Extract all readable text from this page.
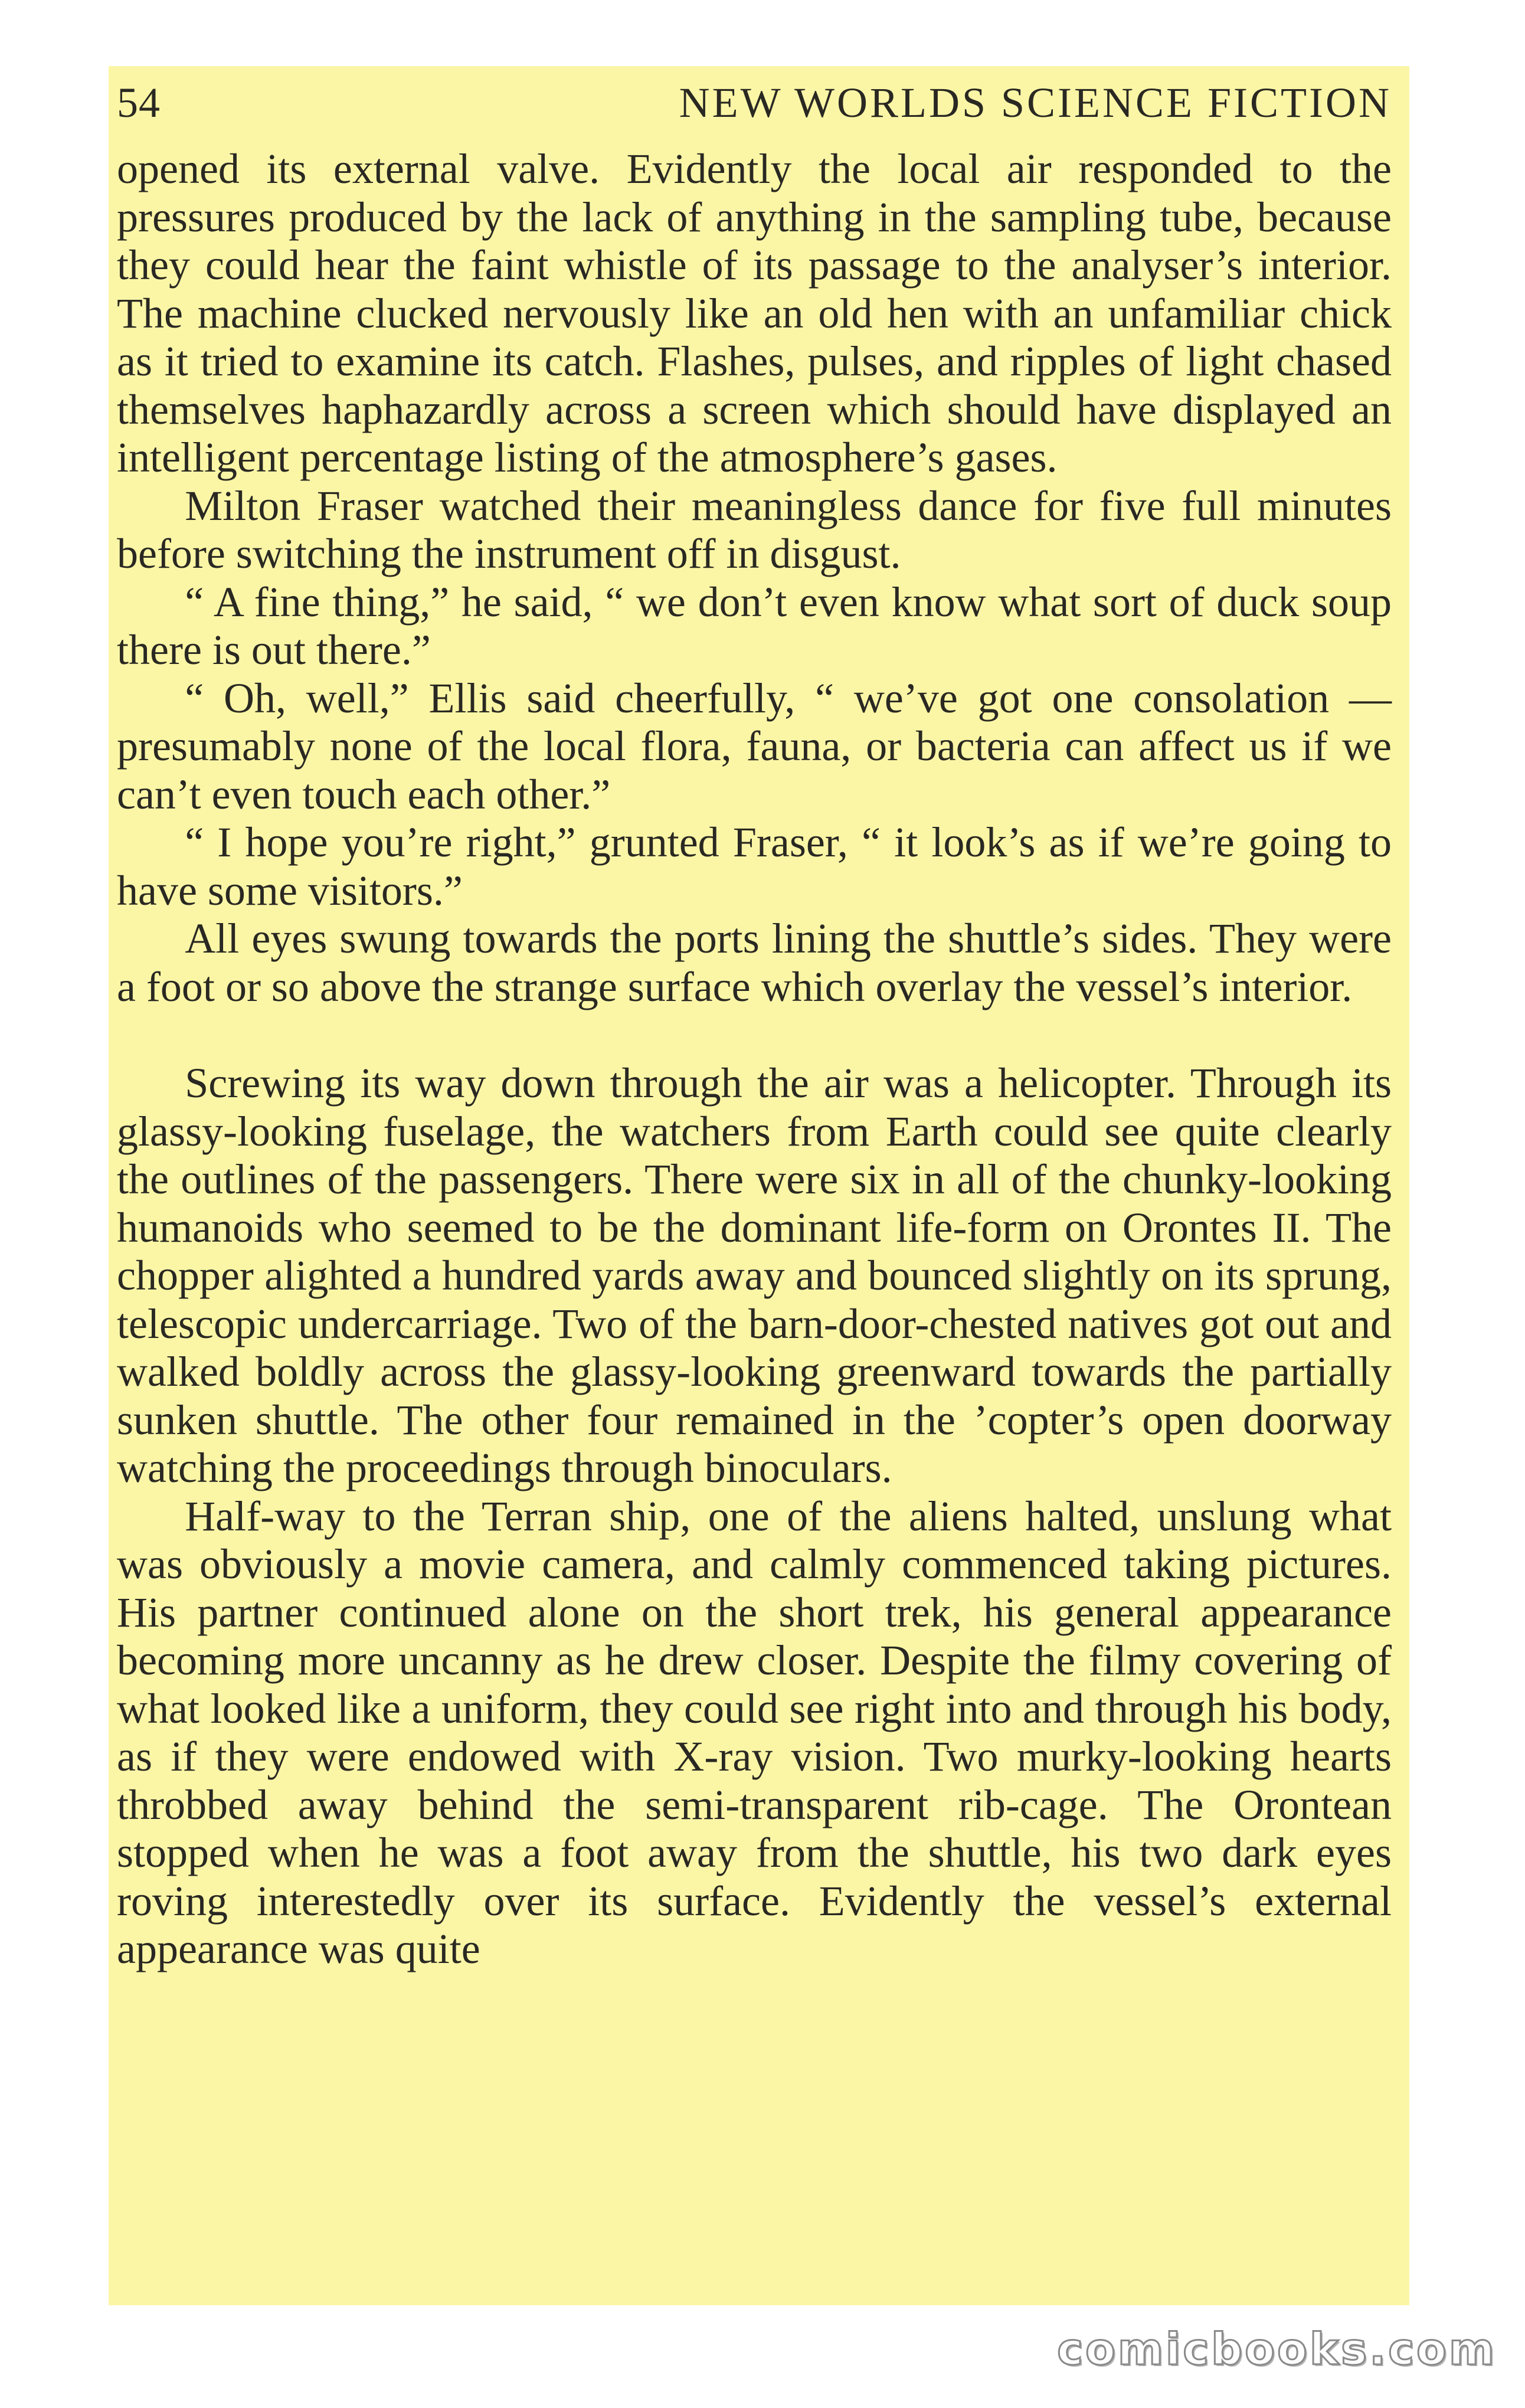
54	NEW WORLDS SCIENCE FICTION

opened its external valve. Evidently the local air responded to the pressures produced by the lack of anything in the sampling tube, because they could hear the faint whistle of its passage to the analyser’s interior. The machine clucked nervously like an old hen with an unfamiliar chick as it tried to examine its catch. Flashes, pulses, and ripples of light chased themselves haphazardly across a screen which should have displayed an intelligent percentage listing of the atmosphere’s gases.

Milton Fraser watched their meaningless dance for five full minutes before switching the instrument off in disgust.

“ A fine thing,” he said, “ we don’t even know what sort of duck soup there is out there.”

“ Oh, well,” Ellis said cheerfully, “ we’ve got one consolation —presumably none of the local flora, fauna, or bacteria can affect us if we can’t even touch each other.”

“ I hope you’re right,” grunted Fraser, “ it look’s as if we’re going to have some visitors.”

All eyes swung towards the ports lining the shuttle’s sides. They were a foot or so above the strange surface which overlay the vessel’s interior.

Screwing its way down through the air was a helicopter. Through its glassy-looking fuselage, the watchers from Earth could see quite clearly the outlines of the passengers. There were six in all of the chunky-looking humanoids who seemed to be the dominant life-form on Orontes II. The chopper alighted a hundred yards away and bounced slightly on its sprung, telescopic undercarriage. Two of the barn-door-chested natives got out and walked boldly across the glassy-looking greenward towards the partially sunken shuttle. The other four remained in the ’copter’s open doorway watching the proceedings through binoculars.

Half-way to the Terran ship, one of the aliens halted, unslung what was obviously a movie camera, and calmly commenced taking pictures. His partner continued alone on the short trek, his general appearance becoming more uncanny as he drew closer. Despite the filmy covering of what looked like a uniform, they could see right into and through his body, as if they were endowed with X-ray vision. Two murky-looking hearts throbbed away behind the semi-transparent rib-cage. The Orontean stopped when he was a foot away from the shuttle, his two dark eyes roving interestedly over its surface. Evidently the vessel’s external appearance was quite

comicbooks.com
